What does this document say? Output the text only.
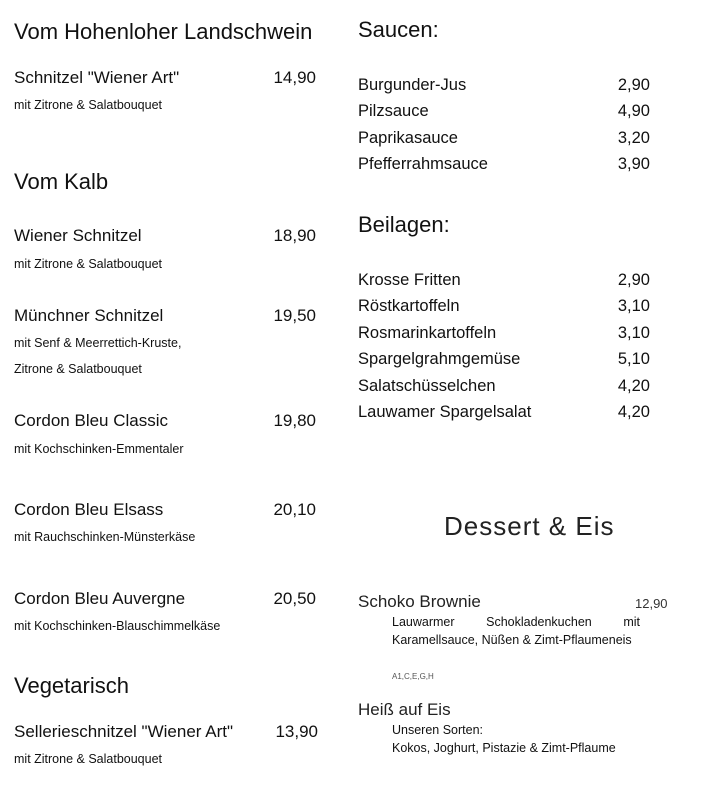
Vom Hohenloher Landschwein
Schnitzel "Wiener Art"	14,90
mit Zitrone & Salatbouquet
Vom Kalb
Wiener Schnitzel	18,90
mit Zitrone & Salatbouquet
Münchner Schnitzel	19,50
mit Senf & Meerrettich-Kruste,
Zitrone & Salatbouquet
Cordon Bleu Classic	19,80
mit Kochschinken-Emmentaler
Cordon Bleu Elsass	20,10
mit Rauchschinken-Münsterkäse
Cordon Bleu Auvergne	20,50
mit Kochschinken-Blauschimmelkäse
Vegetarisch
Sellerieschnitzel "Wiener Art"	13,90
mit Zitrone & Salatbouquet
Saucen:
Burgunder-Jus	2,90
Pilzsauce	4,90
Paprikasauce	3,20
Pfefferrahmsauce	3,90
Beilagen:
Krosse Fritten	2,90
Röstkartoffeln	3,10
Rosmarinkartoffeln	3,10
Spargelgrahmgemüse	5,10
Salatschüsselchen	4,20
Lauwamer Spargelsalat	4,20
Dessert & Eis
Schoko Brownie	12,90
Lauwarmer Schokladenkuchen mit Karamellsauce, Nüßen & Zimt-Pflaumeneis
A1,C,E,G,H
Heiß auf Eis
Unseren Sorten:
Kokos, Joghurt, Pistazie & Zimt-Pflaume
